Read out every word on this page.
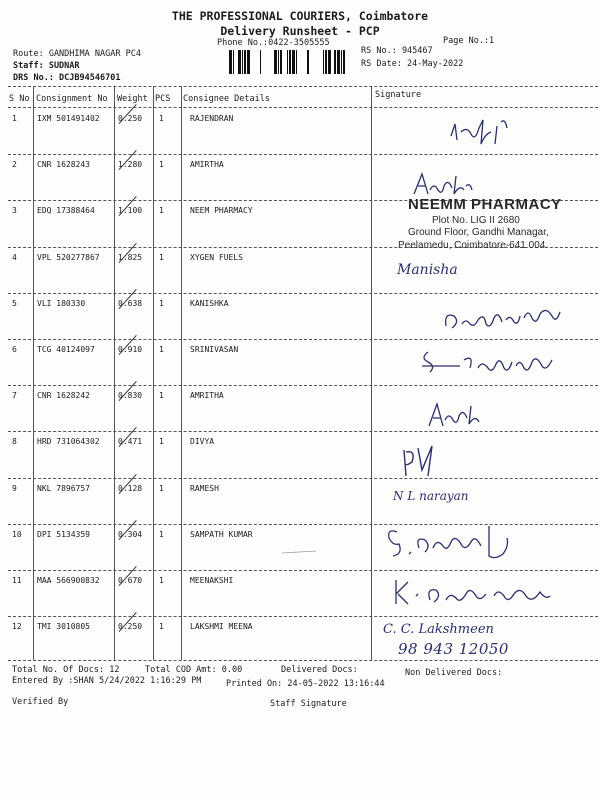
THE PROFESSIONAL COURIERS, Coimbatore
Delivery Runsheet - PCP
Phone No.:0422-3505555	Page No.:1
Route: GANDHIMA NAGAR PC4
Staff: SUDNAR
DRS No.: DCJB94546701
RS No.: 945467
RS Date: 24-May-2022
S No Consignment No Weight PCS Consignee Details	Signature
1	IXM 501491402 0.250 1	RAJENDRAN
2	CNR 1628243	1.280 1	AMIRTHA
3	EDQ 17388464	1.100 1	NEEM PHARMACY
4	VPL 520277867 1.825 1	XYGEN FUELS
5	VLI 180330	0.638 1	KANISHKA
6	TCG 40124097	0.910 1	SRINIVASAN
7	CNR 1628242	0.830 1	AMRITHA
8	HRD 731064302 0.471 1	DIVYA
9	NKL 7896757	0.128 1	RAMESH
10 DPI 5134359	0.304 1	SAMPATH KUMAR
11 MAA 566900832 0.670 1	MEENAKSHI
12 TMI 3010805	0.250 1	LAKSHMI MEENA
NEEMM PHARMACY
Plot No. LIG II 2680
Ground Floor, Gandhi Managar,
Peelamedu, Coimbatore-641 004.
Manisha
N L narayan
C. C. Lakshmeen
98 943 12050
Total No. Of Docs: 12	Total COD Amt: 0.00	Delivered Docs:	Non Delivered Docs:
Entered By :SHAN 5/24/2022 1:16:29 PM	Printed On: 24-05-2022 13:16:44
Verified By	Staff Signature
